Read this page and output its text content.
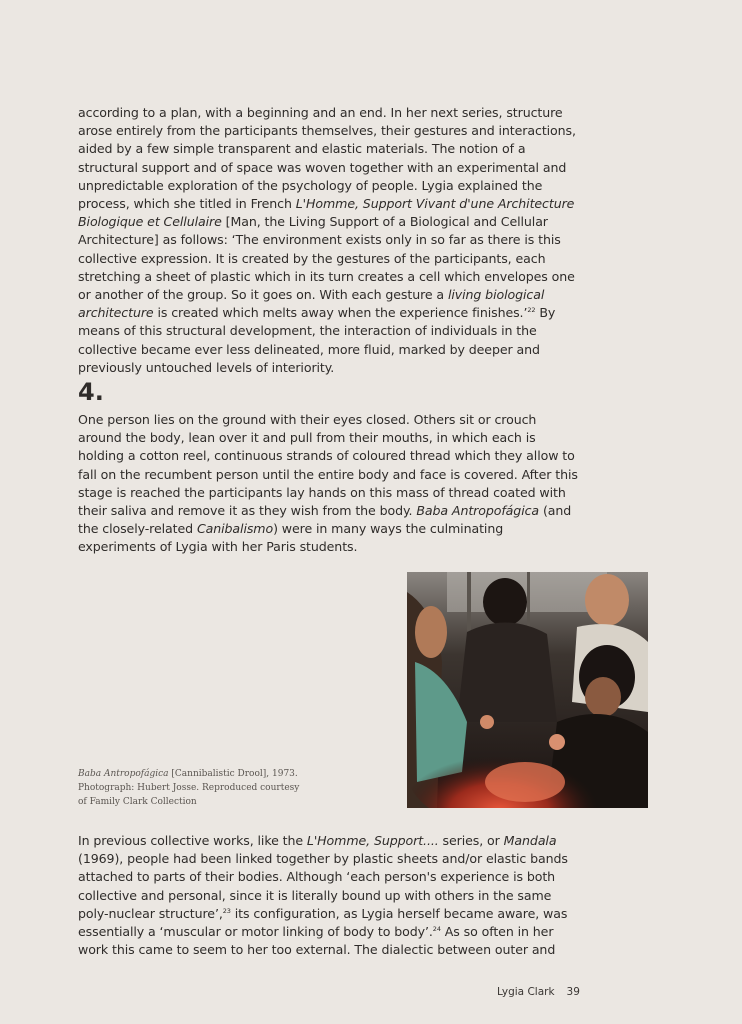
according to a plan, with a beginning and an end. In her next series, structure arose entirely from the participants themselves, their gestures and interactions, aided by a few simple transparent and elastic materials. The notion of a structural support and of space was woven together with an experimental and unpredictable exploration of the psychology of people. Lygia explained the process, which she titled in French L'Homme, Support Vivant d'une Architecture Biologique et Cellulaire [Man, the Living Support of a Biological and Cellular Architecture] as follows: ‘The environment exists only in so far as there is this collective expression. It is created by the gestures of the participants, each stretching a sheet of plastic which in its turn creates a cell which envelopes one or another of the group. So it goes on. With each gesture a living biological architecture is created which melts away when the experience finishes.’$^{22}$ By means of this structural development, the interaction of individuals in the collective became ever less delineated, more fluid, marked by deeper and previously untouched levels of interiority.

4.

One person lies on the ground with their eyes closed. Others sit or crouch around the body, lean over it and pull from their mouths, in which each is holding a cotton reel, continuous strands of coloured thread which they allow to fall on the recumbent person until the entire body and face is covered. After this stage is reached the participants lay hands on this mass of thread coated with their saliva and remove it as they wish from the body. Baba Antropofágica (and the closely-related Canibalismo) were in many ways the culminating experiments of Lygia with her Paris students.

Baba Antropofágica [Cannibalistic Drool], 1973. Photograph: Hubert Josse. Reproduced courtesy of Family Clark Collection

In previous collective works, like the L'Homme, Support.... series, or Mandala (1969), people had been linked together by plastic sheets and/or elastic bands attached to parts of their bodies. Although ‘each person's experience is both collective and personal, since it is literally bound up with others in the same poly-nuclear structure’,$^{23}$ its configuration, as Lygia herself became aware, was essentially a ‘muscular or motor linking of body to body’.$^{24}$ As so often in her work this came to seem to her too external. The dialectic between outer and

Lygia Clark 39
